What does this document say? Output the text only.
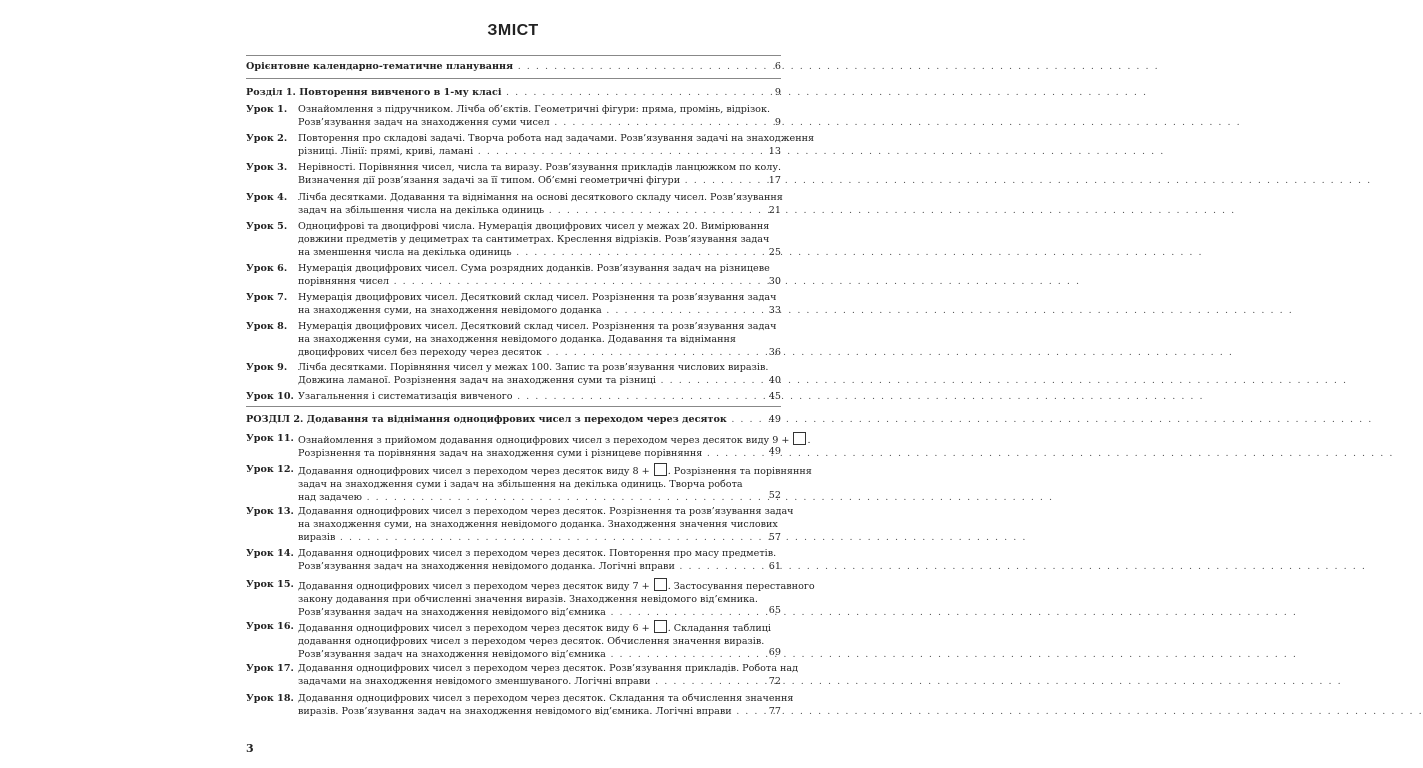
ЗМІСТ
Орієнтовне календарно-тематичне планування . . .	6
Розділ 1. Повторення вивченого в 1-му класі . . .	9
Урок 1. Ознайомлення з підручником. Лічба об’єктів. Геометричні фігури: пряма, промінь, відрізок.
Розв’язування задач на знаходження суми чисел . . .	9
Урок 2. Повторення про складові задачі. Творча робота над задачами. Розв’язування задачі на знаходження
різниці. Лінії: прямі, криві, ламані . . .	13
Урок 3. Нерівності. Порівняння чисел, числа та виразу. Розв’язування прикладів ланцюжком по колу.
Визначення дії розв’язання задачі за її типом. Об’ємні геометричні фігури . . .	17
Урок 4. Лічба десятками. Додавання та віднімання на основі десяткового складу чисел. Розв’язування
задач на збільшення числа на декілька одиниць . . .	21
Урок 5. Одноцифрові та двоцифрові числа. Нумерація двоцифрових чисел у межах 20. Вимірювання
довжини предметів у дециметрах та сантиметрах. Креслення відрізків. Розв’язування задач
на зменшення числа на декілька одиниць . . .	25
Урок 6. Нумерація двоцифрових чисел. Сума розрядних доданків. Розв’язування задач на різницеве
порівняння чисел . . .	30
Урок 7. Нумерація двоцифрових чисел. Десятковий склад чисел. Розрізнення та розв’язування задач
на знаходження суми, на знаходження невідомого доданка . . .	33
Урок 8. Нумерація двоцифрових чисел. Десятковий склад чисел. Розрізнення та розв’язування задач
на знаходження суми, на знаходження невідомого доданка. Додавання та віднімання
двоцифрових чисел без переходу через десяток . . .	36
Урок 9. Лічба десятками. Порівняння чисел у межах 100. Запис та розв’язування числових виразів.
Довжина ламаної. Розрізнення задач на знаходження суми та різниці . . .	40
Урок 10. Узагальнення і систематизація вивченого . . .	45
РОЗДІЛ 2. Додавання та віднімання одноцифрових чисел з переходом через десяток . . .	49
Урок 11. Ознайомлення з прийомом додавання одноцифрових чисел з переходом через десяток виду 9 + .
Розрізнення та порівняння задач на знаходження суми і різницеве порівняння . . .	49
Урок 12. Додавання одноцифрових чисел з переходом через десяток виду 8 + . Розрізнення та порівняння
задач на знаходження суми і задач на збільшення на декілька одиниць. Творча робота
над задачею . . .	52
Урок 13. Додавання одноцифрових чисел з переходом через десяток. Розрізнення та розв’язування задач
на знаходження суми, на знаходження невідомого доданка. Знаходження значення числових
виразів . . .	57
Урок 14. Додавання одноцифрових чисел з переходом через десяток. Повторення про масу предметів.
Розв’язування задач на знаходження невідомого доданка. Логічні вправи . . .	61
Урок 15. Додавання одноцифрових чисел з переходом через десяток виду 7 + . Застосування переставного
закону додавання при обчисленні значення виразів. Знаходження невідомого від’ємника.
Розв’язування задач на знаходження невідомого від’ємника . . .	65
Урок 16. Додавання одноцифрових чисел з переходом через десяток виду 6 + . Складання таблиці
додавання одноцифрових чисел з переходом через десяток. Обчислення значення виразів.
Розв’язування задач на знаходження невідомого від’ємника . . .	69
Урок 17. Додавання одноцифрових чисел з переходом через десяток. Розв’язування прикладів. Робота над
задачами на знаходження невідомого зменшуваного. Логічні вправи . . .	72
Урок 18. Додавання одноцифрових чисел з переходом через десяток. Складання та обчислення значення
виразів. Розв’язування задач на знаходження невідомого від’ємника. Логічні вправи . . .	77
3
